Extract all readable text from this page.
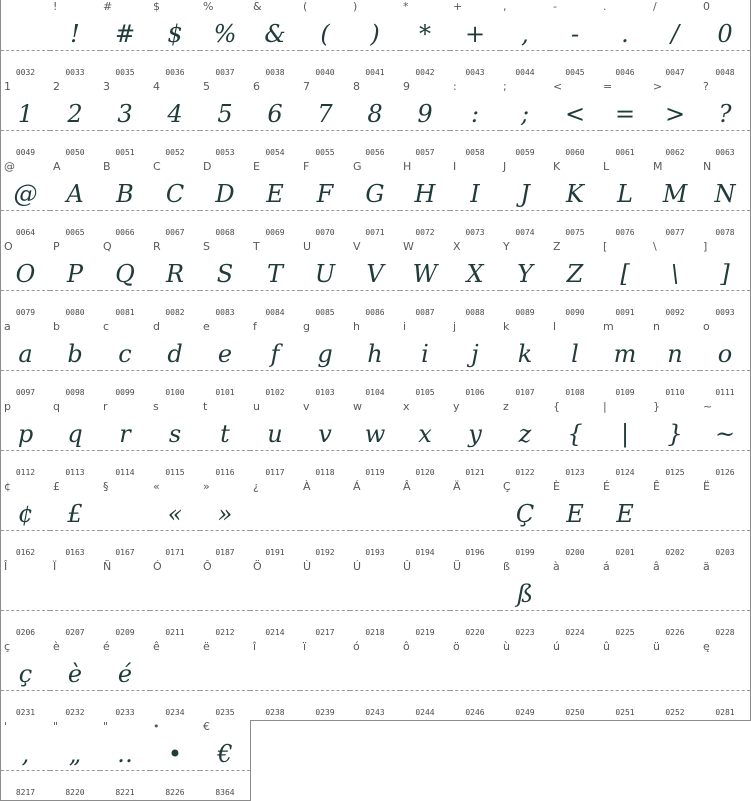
0032
!
!
0033
#
#
0035
$
$
0036
%
%
0037
&
&
0038
(
(
0040
)
)
0041
*
*
0042
+
+
0043
,
,
0044
-
-
0045
.
.
0046
/
/
0047
0
0
0048
1
1
0049
2
2
0050
3
3
0051
4
4
0052
5
5
0053
6
6
0054
7
7
0055
8
8
0056
9
9
0057
:
:
0058
;
;
0059
<
<
0060
=
=
0061
>
>
0062
?
?
0063
@
@
0064
A
A
0065
B
B
0066
C
C
0067
D
D
0068
E
E
0069
F
F
0070
G
G
0071
H
H
0072
I
I
0073
J
J
0074
K
K
0075
L
L
0076
M
M
0077
N
N
0078
O
O
0079
P
P
0080
Q
Q
0081
R
R
0082
S
S
0083
T
T
0084
U
U
0085
V
V
0086
W
W
0087
X
X
0088
Y
Y
0089
Z
Z
0090
[
[
0091
\
\
0092
]
]
0093
a
a
0097
b
b
0098
c
c
0099
d
d
0100
e
e
0101
f
f
0102
g
g
0103
h
h
0104
i
i
0105
j
j
0106
k
k
0107
l
l
0108
m
m
0109
n
n
0110
o
o
0111
p
p
0112
q
q
0113
r
r
0114
s
s
0115
t
t
0116
u
u
0117
v
v
0118
w
w
0119
x
x
0120
y
y
0121
z
z
0122
{
{
0123
|
|
0124
}
}
0125
~
~
0126
¢
¢
0162
£
£
0163
§
0167
«
«
0171
»
»
0187
¿
0191
À
0192
Á
0193
Â
0194
Ä
0196
Ç
Ç
0199
È
E
0200
É
E
0201
Ê
0202
Ë
0203
Î
0206
Ï
0207
Ñ
0209
Ó
0211
Ô
0212
Ö
0214
Ù
0217
Ú
0218
Û
0219
Ü
0220
ß
ß
0223
à
0224
á
0225
â
0226
ä
0228
ç
ç
0231
è
è
0232
é
é
0233
ê
0234
ë
0235
î
0238
ï
0239
ó
0243
ô
0244
ö
0246
ù
0249
ú
0250
û
0251
ü
0252
ę
0281
'
,
8217
"
„
8220
"
‥
8221
•
•
8226
€
€
8364
